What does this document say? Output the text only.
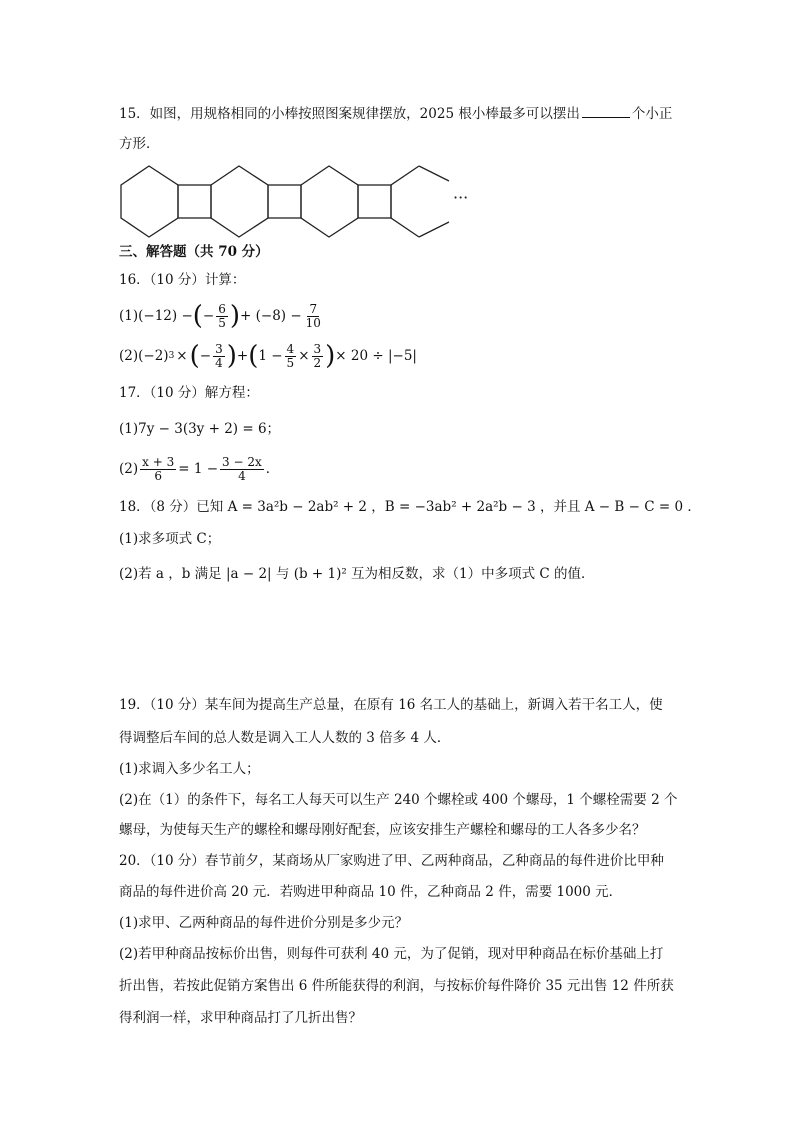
15．如图，用规格相同的小棒按照图案规律摆放，2025 根小棒最多可以摆出	个小正
方形．
···
三、解答题（共 70 分）
16．（10 分）计算：
(1) (−12) − ( − $\frac{6}{5}$ ) + $(-8) - \frac{7}{10}$
(2) (−2) 3 × ( − $\frac{3}{4}$ ) + ( $1 - \frac{4}{5} \times \frac{3}{2}$ ) × 20 ÷ |−5|
17．（10 分）解方程：
(1)7y − 3(3y + 2) = 6；
$(2) \frac{x + 3}{6} = 1 - \frac{3 - 2x}{4}$ ．
18．（8 分）已知 A = 3a²b − 2ab² + 2 ，B = −3ab² + 2a²b − 3 ，并且 A − B − C = 0 ．
(1)求多项式 C；
(2)若 a ，b 满足 |a − 2| 与 (b + 1)² 互为相反数，求（1）中多项式 C 的值．
19．（10 分）某车间为提高生产总量，在原有 16 名工人的基础上，新调入若干名工人，使
得调整后车间的总人数是调入工人人数的 3 倍多 4 人．
(1)求调入多少名工人；
(2)在（1）的条件下，每名工人每天可以生产 240 个螺栓或 400 个螺母，1 个螺栓需要 2 个
螺母，为使每天生产的螺栓和螺母刚好配套，应该安排生产螺栓和螺母的工人各多少名？
20．（10 分）春节前夕，某商场从厂家购进了甲、乙两种商品，乙种商品的每件进价比甲种
商品的每件进价高 20 元．若购进甲种商品 10 件，乙种商品 2 件，需要 1000 元．
(1)求甲、乙两种商品的每件进价分别是多少元？
(2)若甲种商品按标价出售，则每件可获利 40 元，为了促销，现对甲种商品在标价基础上打
折出售，若按此促销方案售出 6 件所能获得的利润，与按标价每件降价 35 元出售 12 件所获
得利润一样，求甲种商品打了几折出售？
